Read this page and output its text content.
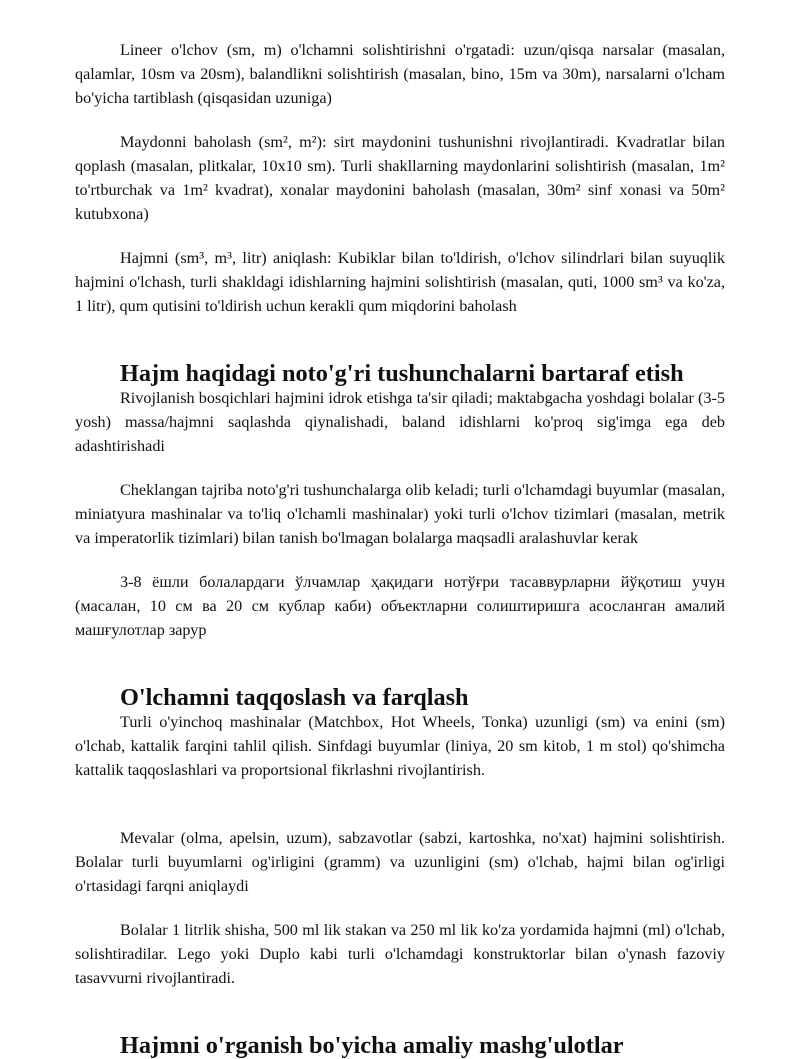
Lineer o'lchov (sm, m) o'lchamni solishtirishni o'rgatadi: uzun/qisqa narsalar (masalan, qalamlar, 10sm va 20sm), balandlikni solishtirish (masalan, bino, 15m va 30m), narsalarni o'lcham bo'yicha tartiblash (qisqasidan uzuniga)

Maydonni baholash (sm², m²): sirt maydonini tushunishni rivojlantiradi. Kvadratlar bilan qoplash (masalan, plitkalar, 10x10 sm). Turli shakllarning maydonlarini solishtirish (masalan, 1m² to'rtburchak va 1m² kvadrat), xonalar maydonini baholash (masalan, 30m² sinf xonasi va 50m² kutubxona)

Hajmni (sm³, m³, litr) aniqlash: Kubiklar bilan to'ldirish, o'lchov silindrlari bilan suyuqlik hajmini o'lchash, turli shakldagi idishlarning hajmini solishtirish (masalan, quti, 1000 sm³ va ko'za, 1 litr), qum qutisini to'ldirish uchun kerakli qum miqdorini baholash

Hajm haqidagi noto'g'ri tushunchalarni bartaraf etish

Rivojlanish bosqichlari hajmini idrok etishga ta'sir qiladi; maktabgacha yoshdagi bolalar (3-5 yosh) massa/hajmni saqlashda qiynalishadi, baland idishlarni ko'proq sig'imga ega deb adashtirishadi

Cheklangan tajriba noto'g'ri tushunchalarga olib keladi; turli o'lchamdagi buyumlar (masalan, miniatyura mashinalar va to'liq o'lchamli mashinalar) yoki turli o'lchov tizimlari (masalan, metrik va imperatorlik tizimlari) bilan tanish bo'lmagan bolalarga maqsadli aralashuvlar kerak

3-8 ёшли болалардаги ўлчамлар ҳақидаги нотўғри тасаввурларни йўқотиш учун (масалан, 10 см ва 20 см кублар каби) объектларни солиштиришга асосланган амалий машғулотлар зарур

O'lchamni taqqoslash va farqlash

Turli o'yinchoq mashinalar (Matchbox, Hot Wheels, Tonka) uzunligi (sm) va enini (sm) o'lchab, kattalik farqini tahlil qilish. Sinfdagi buyumlar (liniya, 20 sm kitob, 1 m stol) qo'shimcha kattalik taqqoslashlari va proportsional fikrlashni rivojlantirish.

Mevalar (olma, apelsin, uzum), sabzavotlar (sabzi, kartoshka, no'xat) hajmini solishtirish. Bolalar turli buyumlarni og'irligini (gramm) va uzunligini (sm) o'lchab, hajmi bilan og'irligi o'rtasidagi farqni aniqlaydi

Bolalar 1 litrlik shisha, 500 ml lik stakan va 250 ml lik ko'za yordamida hajmni (ml) o'lchab, solishtiradilar. Lego yoki Duplo kabi turli o'lchamdagi konstruktorlar bilan o'ynash fazoviy tasavvurni rivojlantiradi.

Hajmni o'rganish bo'yicha amaliy mashg'ulotlar
